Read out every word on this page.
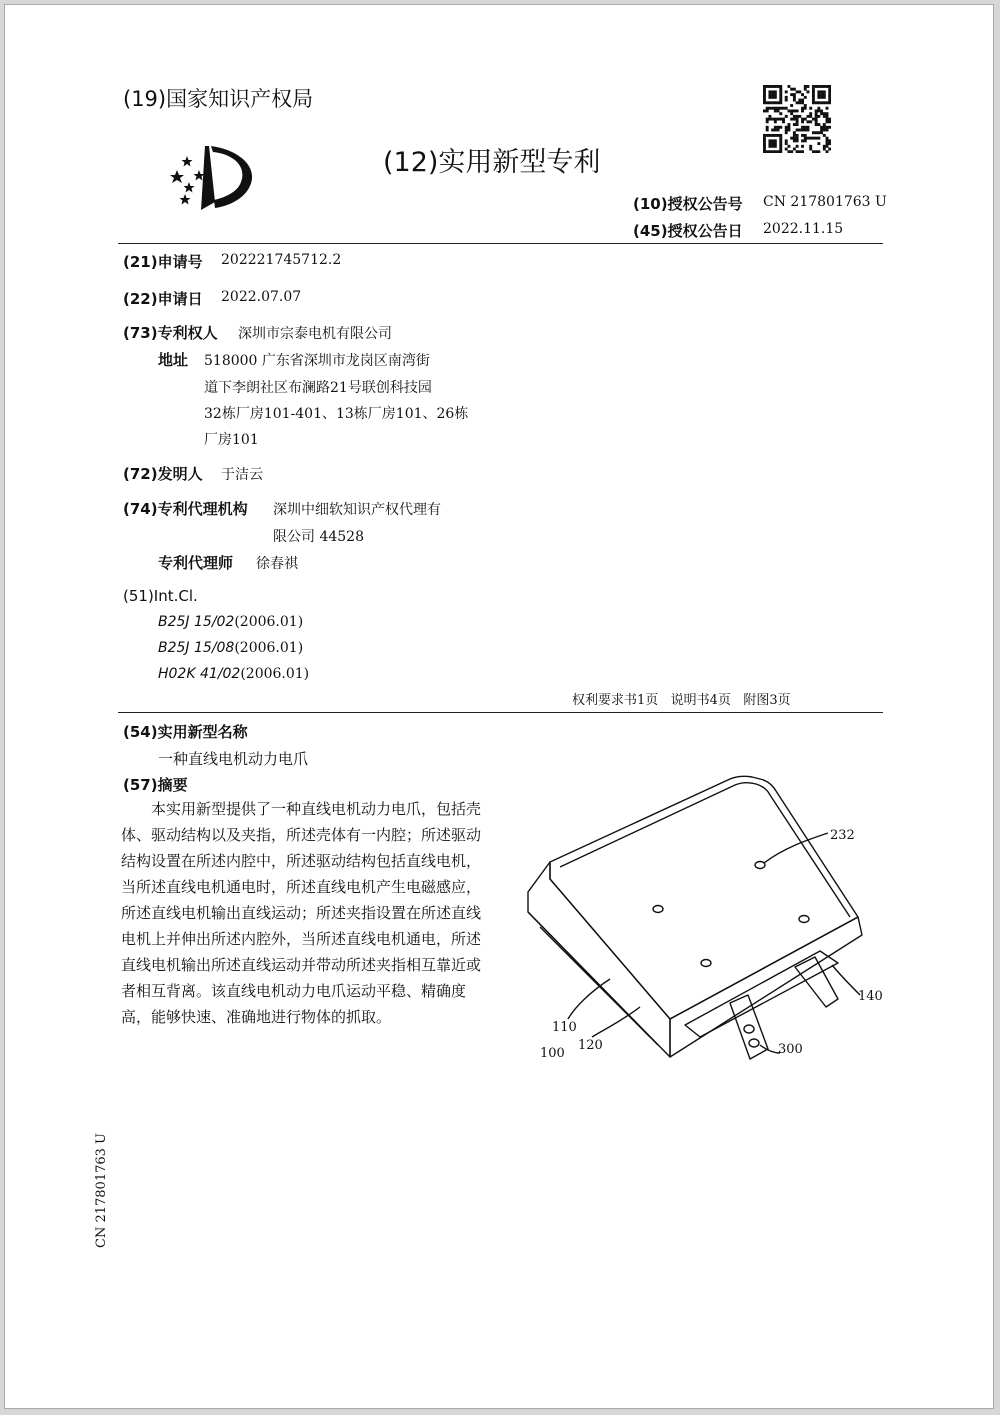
(19)国家知识产权局
(12)实用新型专利
(10)授权公告号 CN 217801763 U
(45)授权公告日 2022.11.15
(21)申请号 202221745712.2
(22)申请日 2022.07.07
(73)专利权人 深圳市宗泰电机有限公司
地址 518000 广东省深圳市龙岗区南湾街
道下李朗社区布澜路21号联创科技园
32栋厂房101-401、13栋厂房101、26栋
厂房101
(72)发明人 于洁云
(74)专利代理机构 深圳中细软知识产权代理有
限公司 44528
专利代理师 徐春祺
(51)Int.Cl.
B25J 15/02(2006.01)
B25J 15/08(2006.01)
H02K 41/02(2006.01)
权利要求书1页   说明书4页   附图3页
(54)实用新型名称
一种直线电机动力电爪
(57)摘要

本实用新型提供了一种直线电机动力电爪，包括壳体、驱动结构以及夹指，所述壳体有一内腔；所述驱动结构设置在所述内腔中，所述驱动结构包括直线电机，当所述直线电机通电时，所述直线电机产生电磁感应，所述直线电机输出直线运动；所述夹指设置在所述直线电机上并伸出所述内腔外，当所述直线电机通电，所述直线电机输出所述直线运动并带动所述夹指相互靠近或者相互背离。该直线电机动力电爪运动平稳、精确度高，能够快速、准确地进行物体的抓取。

232
140
110
120
100	300
CN 217801763 U
